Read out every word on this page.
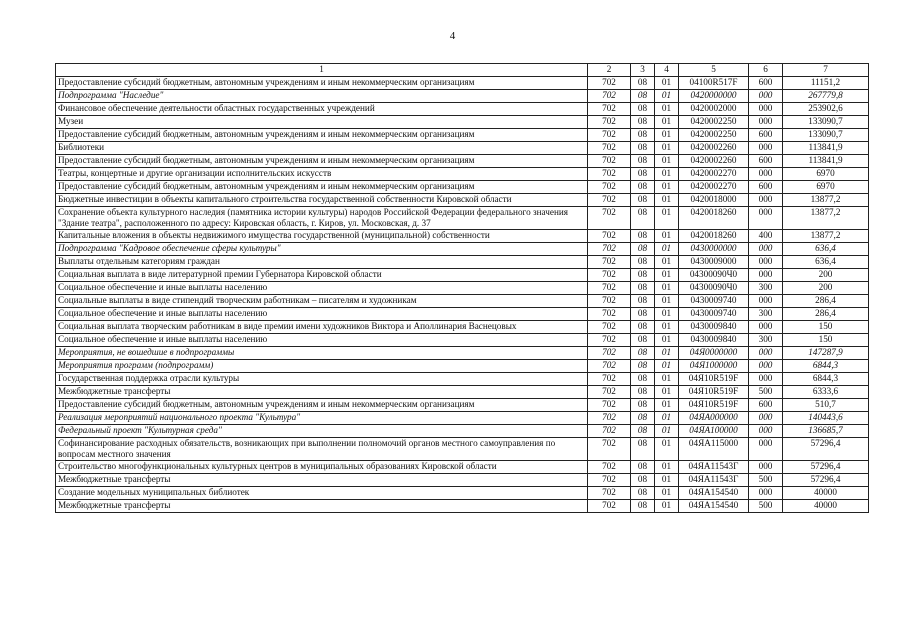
4
1	2	3	4	5	6	7
Предоставление субсидий бюджетным, автономным учреждениям и иным некоммерческим организациям	702	08	01	04100R517F	600	11151,2
Подпрограмма "Наследие"	702	08	01	0420000000	000	267779,8
Финансовое обеспечение деятельности областных государственных учреждений	702	08	01	0420002000	000	253902,6
Музеи	702	08	01	0420002250	000	133090,7
Предоставление субсидий бюджетным, автономным учреждениям и иным некоммерческим организациям	702	08	01	0420002250	600	133090,7
Библиотеки	702	08	01	0420002260	000	113841,9
Предоставление субсидий бюджетным, автономным учреждениям и иным некоммерческим организациям	702	08	01	0420002260	600	113841,9
Театры, концертные и другие организации исполнительских искусств	702	08	01	0420002270	000	6970
Предоставление субсидий бюджетным, автономным учреждениям и иным некоммерческим организациям	702	08	01	0420002270	600	6970
Бюджетные инвестиции в объекты капитального строительства государственной собственности Кировской области	702	08	01	0420018000	000	13877,2
Сохранение объекта культурного наследия (памятника истории культуры) народов Российской Федерации федерального значения "Здание театра", расположенного по адресу: Кировская область, г. Киров, ул. Московская, д. 37	702	08	01	0420018260	000	13877,2
Капитальные вложения в объекты недвижимого имущества государственной (муниципальной) собственности	702	08	01	0420018260	400	13877,2
Подпрограмма "Кадровое обеспечение сферы культуры"	702	08	01	0430000000	000	636,4
Выплаты отдельным категориям граждан	702	08	01	0430009000	000	636,4
Социальная выплата в виде литературной премии Губернатора Кировской области	702	08	01	04300090Ч0	000	200
Социальное обеспечение и иные выплаты населению	702	08	01	04300090Ч0	300	200
Социальные выплаты в виде стипендий творческим работникам – писателям и художникам	702	08	01	0430009740	000	286,4
Социальное обеспечение и иные выплаты населению	702	08	01	0430009740	300	286,4
Социальная выплата творческим работникам в виде премии имени художников Виктора и Аполлинария Васнецовых	702	08	01	0430009840	000	150
Социальное обеспечение и иные выплаты населению	702	08	01	0430009840	300	150
Мероприятия, не вошедшие в подпрограммы	702	08	01	04Я0000000	000	147287,9
Мероприятия программ (подпрограмм)	702	08	01	04Я1000000	000	6844,3
Государственная поддержка отрасли культуры	702	08	01	04Я10R519F	000	6844,3
Межбюджетные трансферты	702	08	01	04Я10R519F	500	6333,6
Предоставление субсидий бюджетным, автономным учреждениям и иным некоммерческим организациям	702	08	01	04Я10R519F	600	510,7
Реализация мероприятий национального проекта "Культура"	702	08	01	04ЯА000000	000	140443,6
Федеральный проект "Культурная среда"	702	08	01	04ЯА100000	000	136685,7
Софинансирование расходных обязательств, возникающих при выполнении полномочий органов местного самоуправления по вопросам местного значения	702	08	01	04ЯА115000	000	57296,4
Строительство многофункциональных культурных центров в муниципальных образованиях Кировской области	702	08	01	04ЯА11543Г	000	57296,4
Межбюджетные трансферты	702	08	01	04ЯА11543Г	500	57296,4
Создание модельных муниципальных библиотек	702	08	01	04ЯА154540	000	40000
Межбюджетные трансферты	702	08	01	04ЯА154540	500	40000
